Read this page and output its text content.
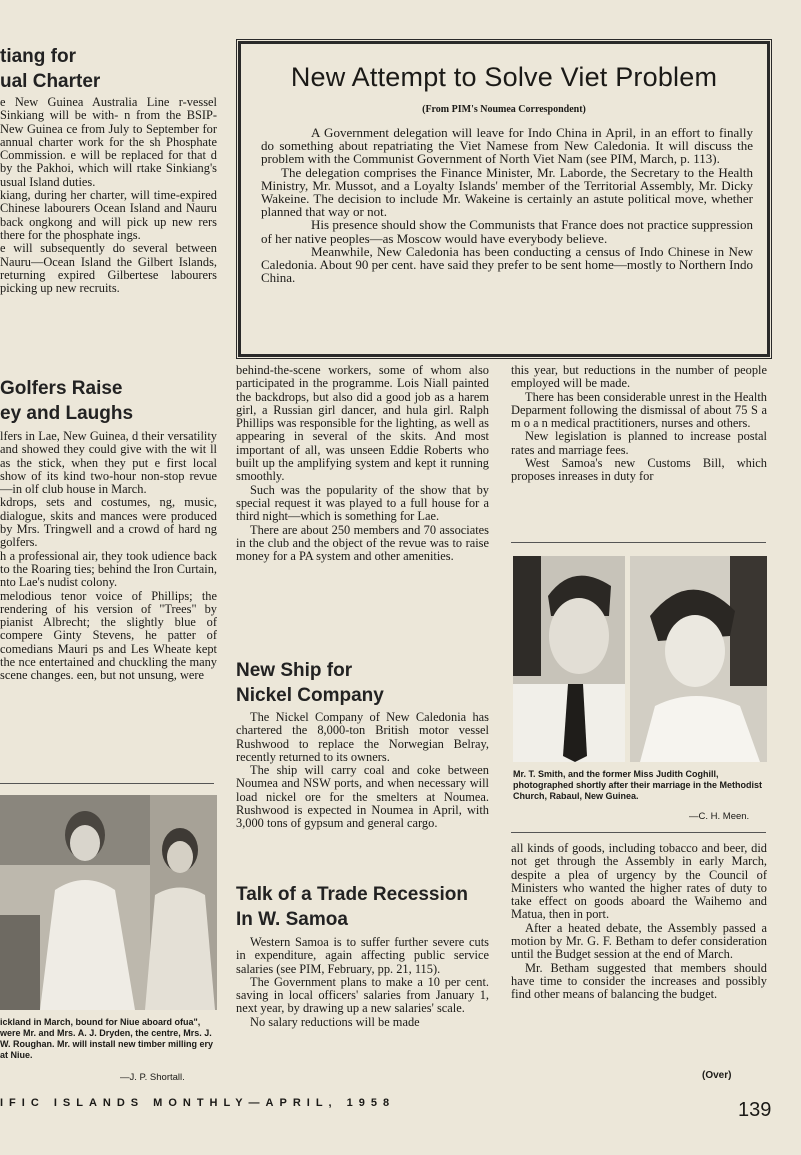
tiang for
ual Charter

e New Guinea Australia Line r-vessel Sinkiang will be with- n from the BSIP-New Guinea ce from July to September for annual charter work for the sh Phosphate Commission. e will be replaced for that d by the Pakhoi, which will rtake Sinkiang's usual Island duties.

kiang, during her charter, will time-expired Chinese labourers Ocean Island and Nauru back ongkong and will pick up new rers there for the phosphate ings.

e will subsequently do several between Nauru—Ocean Island the Gilbert Islands, returning expired Gilbertese labourers picking up new recruits.

Golfers Raise
ey and Laughs

lfers in Lae, New Guinea, d their versatility and showed they could give with the wit ll as the stick, when they put e first local show of its kind two-hour non-stop revue—in olf club house in March.

kdrops, sets and costumes, ng, music, dialogue, skits and mances were produced by Mrs. Tringwell and a crowd of hard ng golfers.

h a professional air, they took udience back to the Roaring ties; behind the Iron Curtain, nto Lae's nudist colony.

melodious tenor voice of Phillips; the rendering of his version of "Trees" by pianist Albrecht; the slightly blue of compere Ginty Stevens, he patter of comedians Mauri ps and Les Wheate kept the nce entertained and chuckling the many scene changes. een, but not unsung, were

ickland in March, bound for Niue aboard ofua", were Mr. and Mrs. A. J. Dryden, the centre, Mrs. J. W. Roughan. Mr. will install new timber milling ery at Niue.
—J. P. Shortall.
New Attempt to Solve Viet Problem
(From PIM's Noumea Correspondent)

A Government delegation will leave for Indo China in April, in an effort to finally do something about repatriating the Viet Namese from New Caledonia. It will discuss the problem with the Communist Government of North Viet Nam (see PIM, March, p. 113).

The delegation comprises the Finance Minister, Mr. Laborde, the Secretary to the Health Ministry, Mr. Mussot, and a Loyalty Islands' member of the Territorial Assembly, Mr. Dicky Wakeine. The decision to include Mr. Wakeine is certainly an astute political move, whether planned that way or not.

His presence should show the Communists that France does not practice suppression of her native peoples—as Moscow would have everybody believe.

Meanwhile, New Caledonia has been conducting a census of Indo Chinese in New Caledonia. About 90 per cent. have said they prefer to be sent home—mostly to Northern Indo China.

behind-the-scene workers, some of whom also participated in the programme. Lois Niall painted the backdrops, but also did a good job as a harem girl, a Russian girl dancer, and hula girl. Ralph Phillips was responsible for the lighting, as well as appearing in several of the skits. And most important of all, was unseen Eddie Roberts who built up the amplifying system and kept it running smoothly.

Such was the popularity of the show that by special request it was played to a full house for a third night—which is something for Lae.

There are about 250 members and 70 associates in the club and the object of the revue was to raise money for a PA system and other amenities.

New Ship for
Nickel Company

The Nickel Company of New Caledonia has chartered the 8,000-ton British motor vessel Rushwood to replace the Norwegian Belray, recently returned to its owners.

The ship will carry coal and coke between Noumea and NSW ports, and when necessary will load nickel ore for the smelters at Noumea. Rushwood is expected in Noumea in April, with 3,000 tons of gypsum and general cargo.

Talk of a Trade Recession
In W. Samoa

Western Samoa is to suffer further severe cuts in expenditure, again affecting public service salaries (see PIM, February, pp. 21, 115).

The Government plans to make a 10 per cent. saving in local officers' salaries from January 1, next year, by drawing up a new salaries' scale.

No salary reductions will be made

this year, but reductions in the number of people employed will be made.

There has been considerable unrest in the Health Deparment following the dismissal of about 75 S a m o a n medical practitioners, nurses and others.

New legislation is planned to increase postal rates and marriage fees.

West Samoa's new Customs Bill, which proposes inreases in duty for

Mr. T. Smith, and the former Miss Judith Coghill, photographed shortly after their marriage in the Methodist Church, Rabaul, New Guinea.
—C. H. Meen.

all kinds of goods, including tobacco and beer, did not get through the Assembly in early March, despite a plea of urgency by the Council of Ministers who wanted the higher rates of duty to take effect on goods aboard the Waihemo and Matua, then in port.

After a heated debate, the Assembly passed a motion by Mr. G. F. Betham to defer consideration until the Budget session at the end of March.

Mr. Betham suggested that members should have time to consider the increases and possibly find other means of balancing the budget.

(Over)
IFIC ISLANDS MONTHLY—APRIL, 1958	139
